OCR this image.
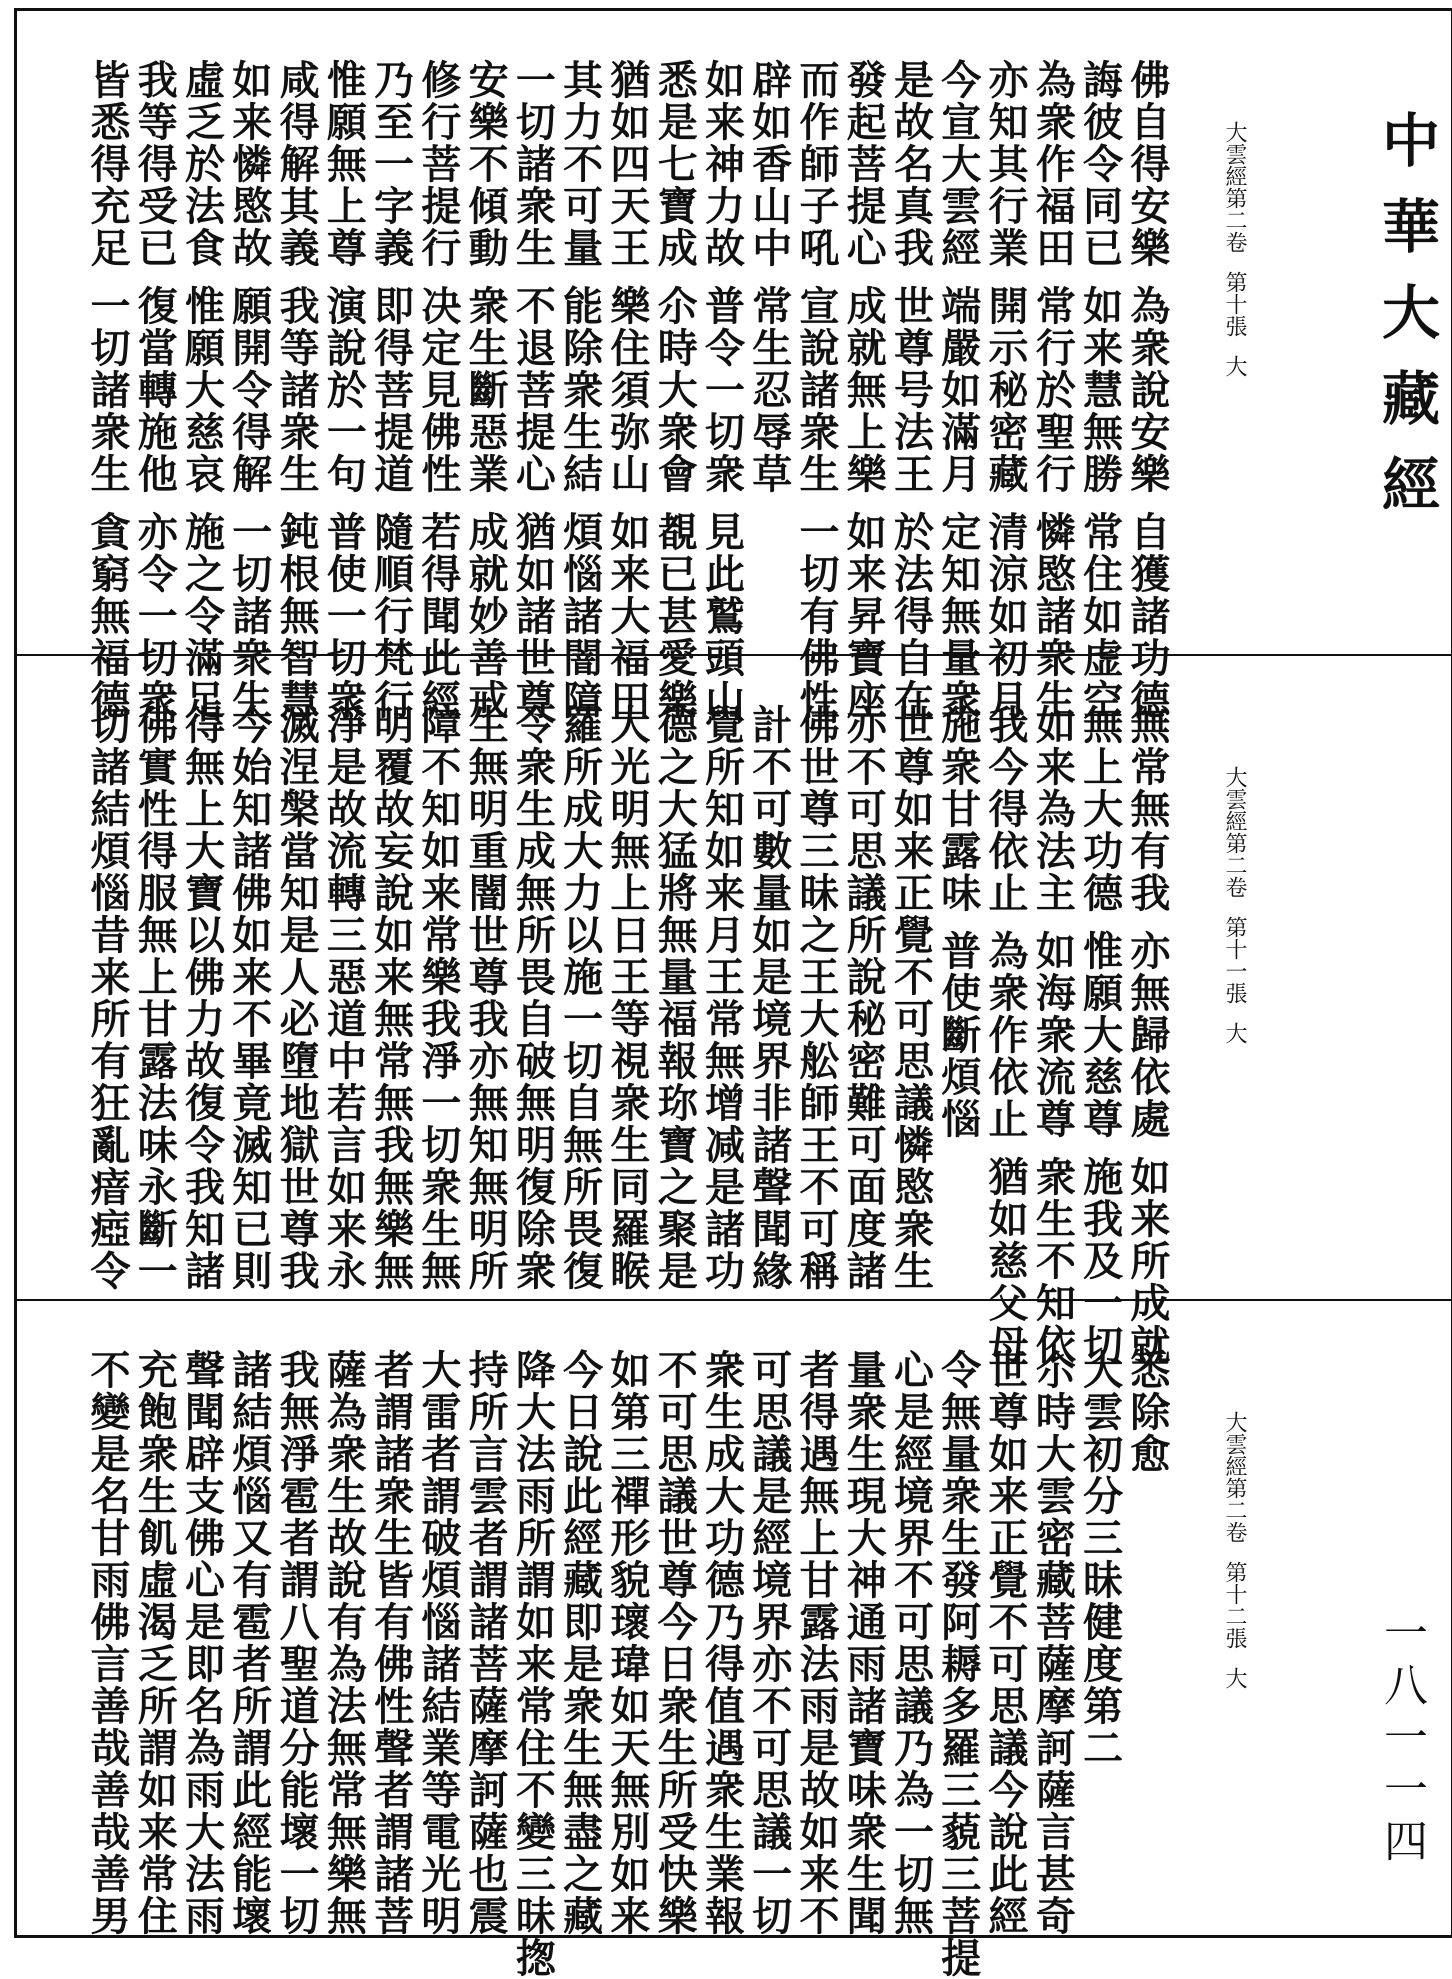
佛自得安樂 為衆說安樂 自獲諸功德
誨彼令同已 如来慧無勝 常住如虚空
為衆作福田 常行於聖行 憐愍諸衆生
亦知其行業 開示秘密藏 清涼如初月
今宣大雲經 端嚴如滿月 定知無量衆
是故名真我 世尊号法王 於法得自在
發起菩提心 成就無上樂 如来昇寶座
而作師子吼 宣說諸衆生 一切有佛性
辟如香山中 常生忍辱草
如来神力故 普令一切衆 見此鷲頭山
悉是七寶成 尒時大衆會 覩已甚愛樂
猶如四天王 樂住須弥山 如来大福田
其力不可量 能除衆生結 煩惱諸闇障
一切諸衆生 不退菩提心 猶如諸世尊
安樂不傾動 衆生斷惡業 成就妙善戒
修行菩提行 决定見佛性 若得聞此經
乃至一字義 即得菩提道 隨順行梵行
惟願無上尊 演說於一句 普使一切衆
咸得解其義 我等諸衆生 鈍根無智慧
如来憐愍故 願開令得解 一切諸衆生
虛乏於法食 惟願大慈哀 施之令滿足
我等得受已 復當轉施他 亦令一切衆
皆悉得充足 一切諸衆生 貪窮無福德	大雲經第二卷第十張大
無常無有我 亦無歸依處 如来所成就
無上大功德 惟願大慈尊 施我及一切
如来為法主 如海衆流尊 衆生不知依
我今得依止 為衆作依止 猶如慈父母
施衆甘露味 普使斷煩惱
世尊如来正覺不可思議憐愍衆生
亦不可思議所說秘密難可面度諸
佛世尊三昧之王大舩師王不可稱
計不可數量如是境界非諸聲聞緣
覺所知如来月王常無增减是諸功
德之大猛將無量福報珎寶之聚是
大光明無上日王等視衆生同羅睺
羅所成大力以施一切自無所畏復
令衆生成無所畏自破無明復除衆
生無明重闇世尊我亦無知無明所
障不知如来常樂我淨一切衆生無
明覆故妄說如来無常無我無樂無
淨是故流轉三惡道中若言如来永
滅涅槃當知是人必墮地獄世尊我
今始知諸佛如来不畢竟滅知已則
得無上大寶以佛力故復令我知諸
佛實性得服無上甘露法味永斷一
切諸結煩惱昔来所有狂亂瘖瘂令	大雲經第二卷第十一張大
悉除愈
大雲初分三昧健度第二
尒時大雲密藏菩薩摩訶薩言甚奇
世尊如来正覺不可思議今說此經
令無量衆生發阿耨多羅三藐三菩提
心是經境界不可思議乃為一切無
量衆生現大神通雨諸寶味衆生聞
者得遇無上甘露法雨是故如来不
可思議是經境界亦不可思議一切
衆生成大功德乃得值遇衆生業報
不可思議世尊今日衆生所受快樂
如第三禪形貌瓌瑋如天無別如来
今日說此經藏即是衆生無盡之藏
降大法雨所謂如来常住不變三昧揔
持所言雲者謂諸菩薩摩訶薩也震
大雷者謂破煩惱諸結業等電光明
者謂諸衆生皆有佛性聲者謂諸菩
薩為衆生故說有為法無常無樂無
我無淨雹者謂八聖道分能壞一切
諸結煩惱又有雹者所謂此經能壞
聲聞辟支佛心是即名為雨大法雨
充飽衆生飢虛渴乏所謂如来常住
不變是名甘雨佛言善哉善哉善男	大雲經第二卷第十二張大
中華大藏經
一八一一四
